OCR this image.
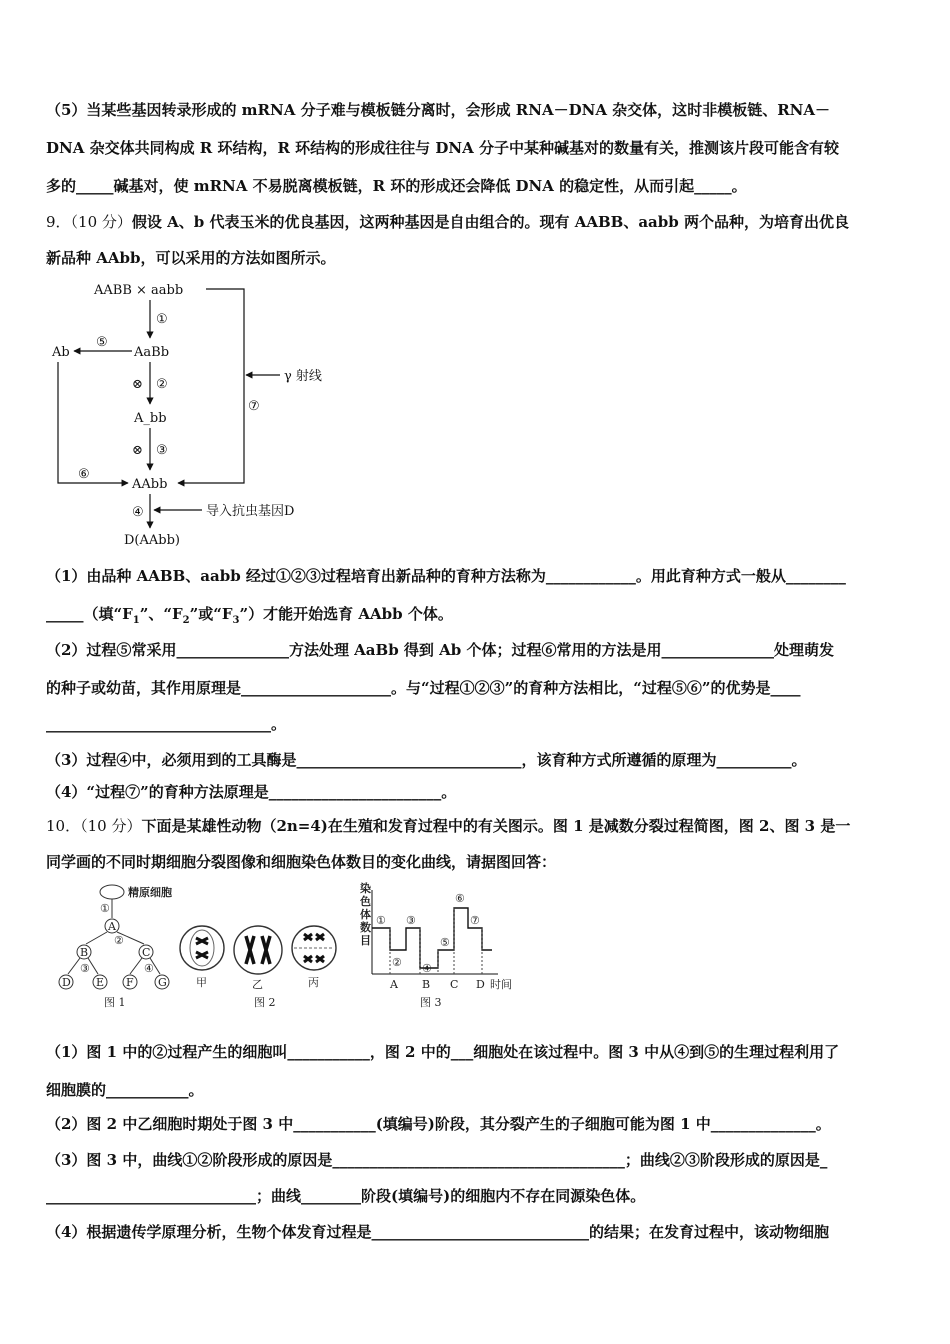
（5）当某些基因转录形成的 mRNA 分子难与模板链分离时，会形成 RNA－DNA 杂交体，这时非模板链、RNA－
DNA 杂交体共同构成 R 环结构，R 环结构的形成往往与 DNA 分子中某种碱基对的数量有关，推测该片段可能含有较
多的_____碱基对，使 mRNA 不易脱离模板链，R 环的形成还会降低 DNA 的稳定性，从而引起_____。
9．（10 分）假设 A、b 代表玉米的优良基因，这两种基因是自由组合的。现有 AABB、aabb 两个品种，为培育出优良
新品种 AAbb，可以采用的方法如图所示。
AABB × aabb
①
AaBb
Ab
⑤
⊗ ②
A_bb
⊗ ③
AAbb
⑥
γ 射线
⑦
④	导入抗虫基因D
D(AAbb)
（1）由品种 AABB、aabb 经过①②③过程培育出新品种的育种方法称为____________。用此育种方式一般从________
_____（填“$F_1$”、“$F_2$”或“$F_3$”）才能开始选育 AAbb 个体。
（2）过程⑤常采用_______________方法处理 AaBb 得到 Ab 个体；过程⑥常用的方法是用_______________处理萌发
的种子或幼苗，其作用原理是____________________。与“过程①②③”的育种方法相比，“过程⑤⑥”的优势是____
______________________________。
（3）过程④中，必须用到的工具酶是______________________________，该育种方式所遵循的原理为__________。
（4）“过程⑦”的育种方法原理是_______________________。
10．（10 分）下面是某雄性动物（2n=4)在生殖和发育过程中的有关图示。图 1 是减数分裂过程简图，图 2、图 3 是一
同学画的不同时期细胞分裂图像和细胞染色体数目的变化曲线，请据图回答：
精原细胞
①
A
②
B	C
③	④
D E F G
图 1
甲	乙	丙
图 2
染色体数目
①
②
③
④
⑤
⑥
⑦
A B C D 时间
图 3
（1）图 1 中的②过程产生的细胞叫___________，图 2 中的___细胞处在该过程中。图 3 中从④到⑤的生理过程利用了
细胞膜的___________。
（2）图 2 中乙细胞时期处于图 3 中___________(填编号)阶段，其分裂产生的子细胞可能为图 1 中______________。
（3）图 3 中，曲线①②阶段形成的原因是_______________________________________；曲线②③阶段形成的原因是_
____________________________；曲线________阶段(填编号)的细胞内不存在同源染色体。
（4）根据遗传学原理分析，生物个体发育过程是_____________________________的结果；在发育过程中，该动物细胞
